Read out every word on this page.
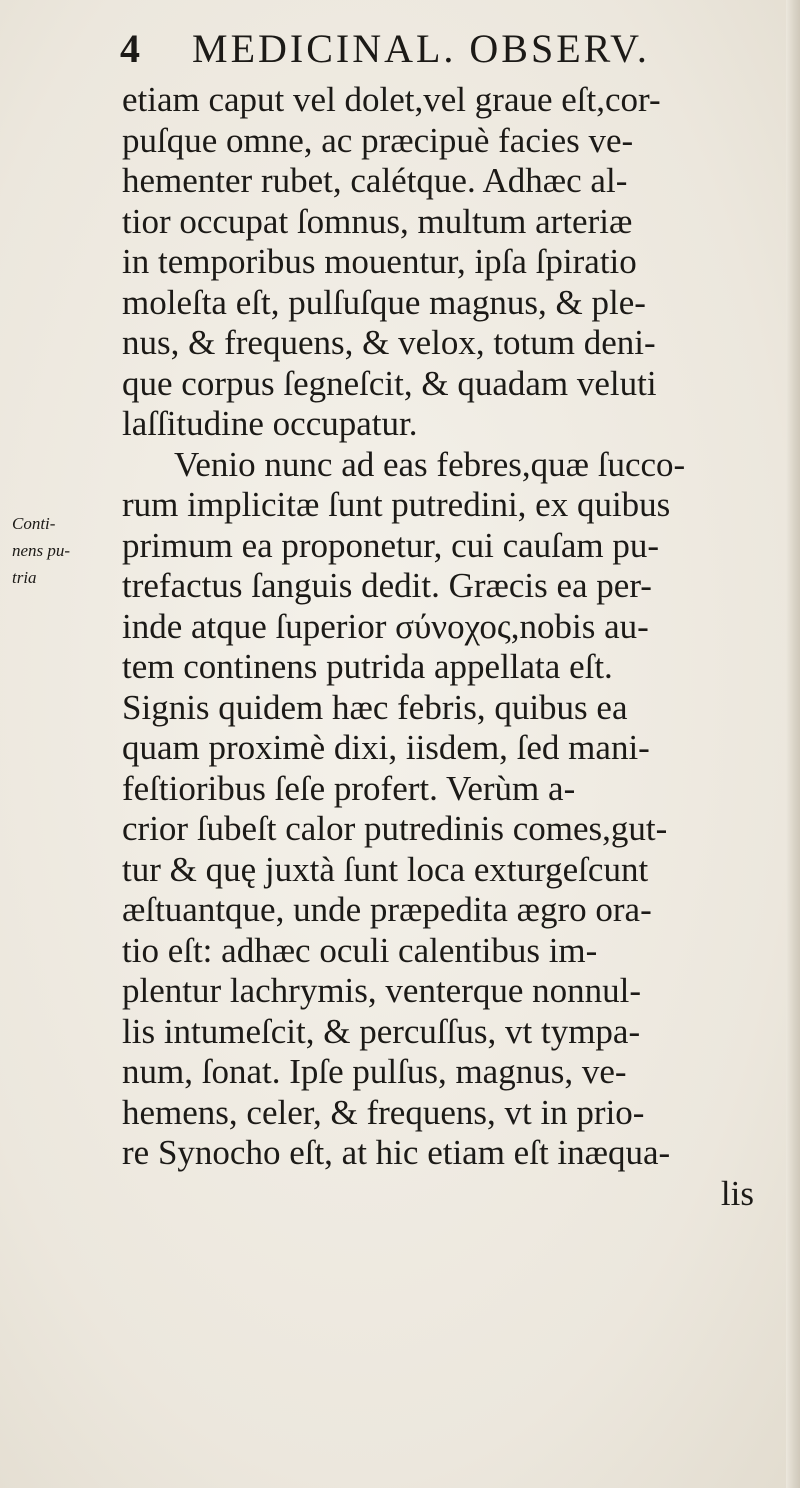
4 MEDICINAL. OBSERV.
Conti-
nens pu-
tria
etiam caput vel dolet,vel graue eſt,cor-
puſque omne, ac præcipuè facies ve-
hementer rubet, calétque. Adhæc al-
tior occupat ſomnus, multum arteriæ
in temporibus mouentur, ipſa ſpiratio
moleſta eſt, pulſuſque magnus, & ple-
nus, & frequens, & velox, totum deni-
que corpus ſegneſcit, & quadam veluti
laſſitudine occupatur.
Venio nunc ad eas febres,quæ ſucco-
rum implicitæ ſunt putredini, ex quibus
primum ea proponetur, cui cauſam pu-
trefactus ſanguis dedit. Græcis ea per-
inde atque ſuperior σύνοχος,nobis au-
tem continens putrida appellata eſt.
Signis quidem hæc febris, quibus ea
quam proximè dixi, iisdem, ſed mani-
feſtioribus ſeſe profert. Verùm a-
crior ſubeſt calor putredinis comes,gut-
tur & quę juxtà ſunt loca exturgeſcunt
æſtuantque, unde præpedita ægro ora-
tio eſt: adhæc oculi calentibus im-
plentur lachrymis, venterque nonnul-
lis intumeſcit, & percuſſus, vt tympa-
num, ſonat. Ipſe pulſus, magnus, ve-
hemens, celer, & frequens, vt in prio-
re Synocho eſt, at hic etiam eſt inæqua-
lis
